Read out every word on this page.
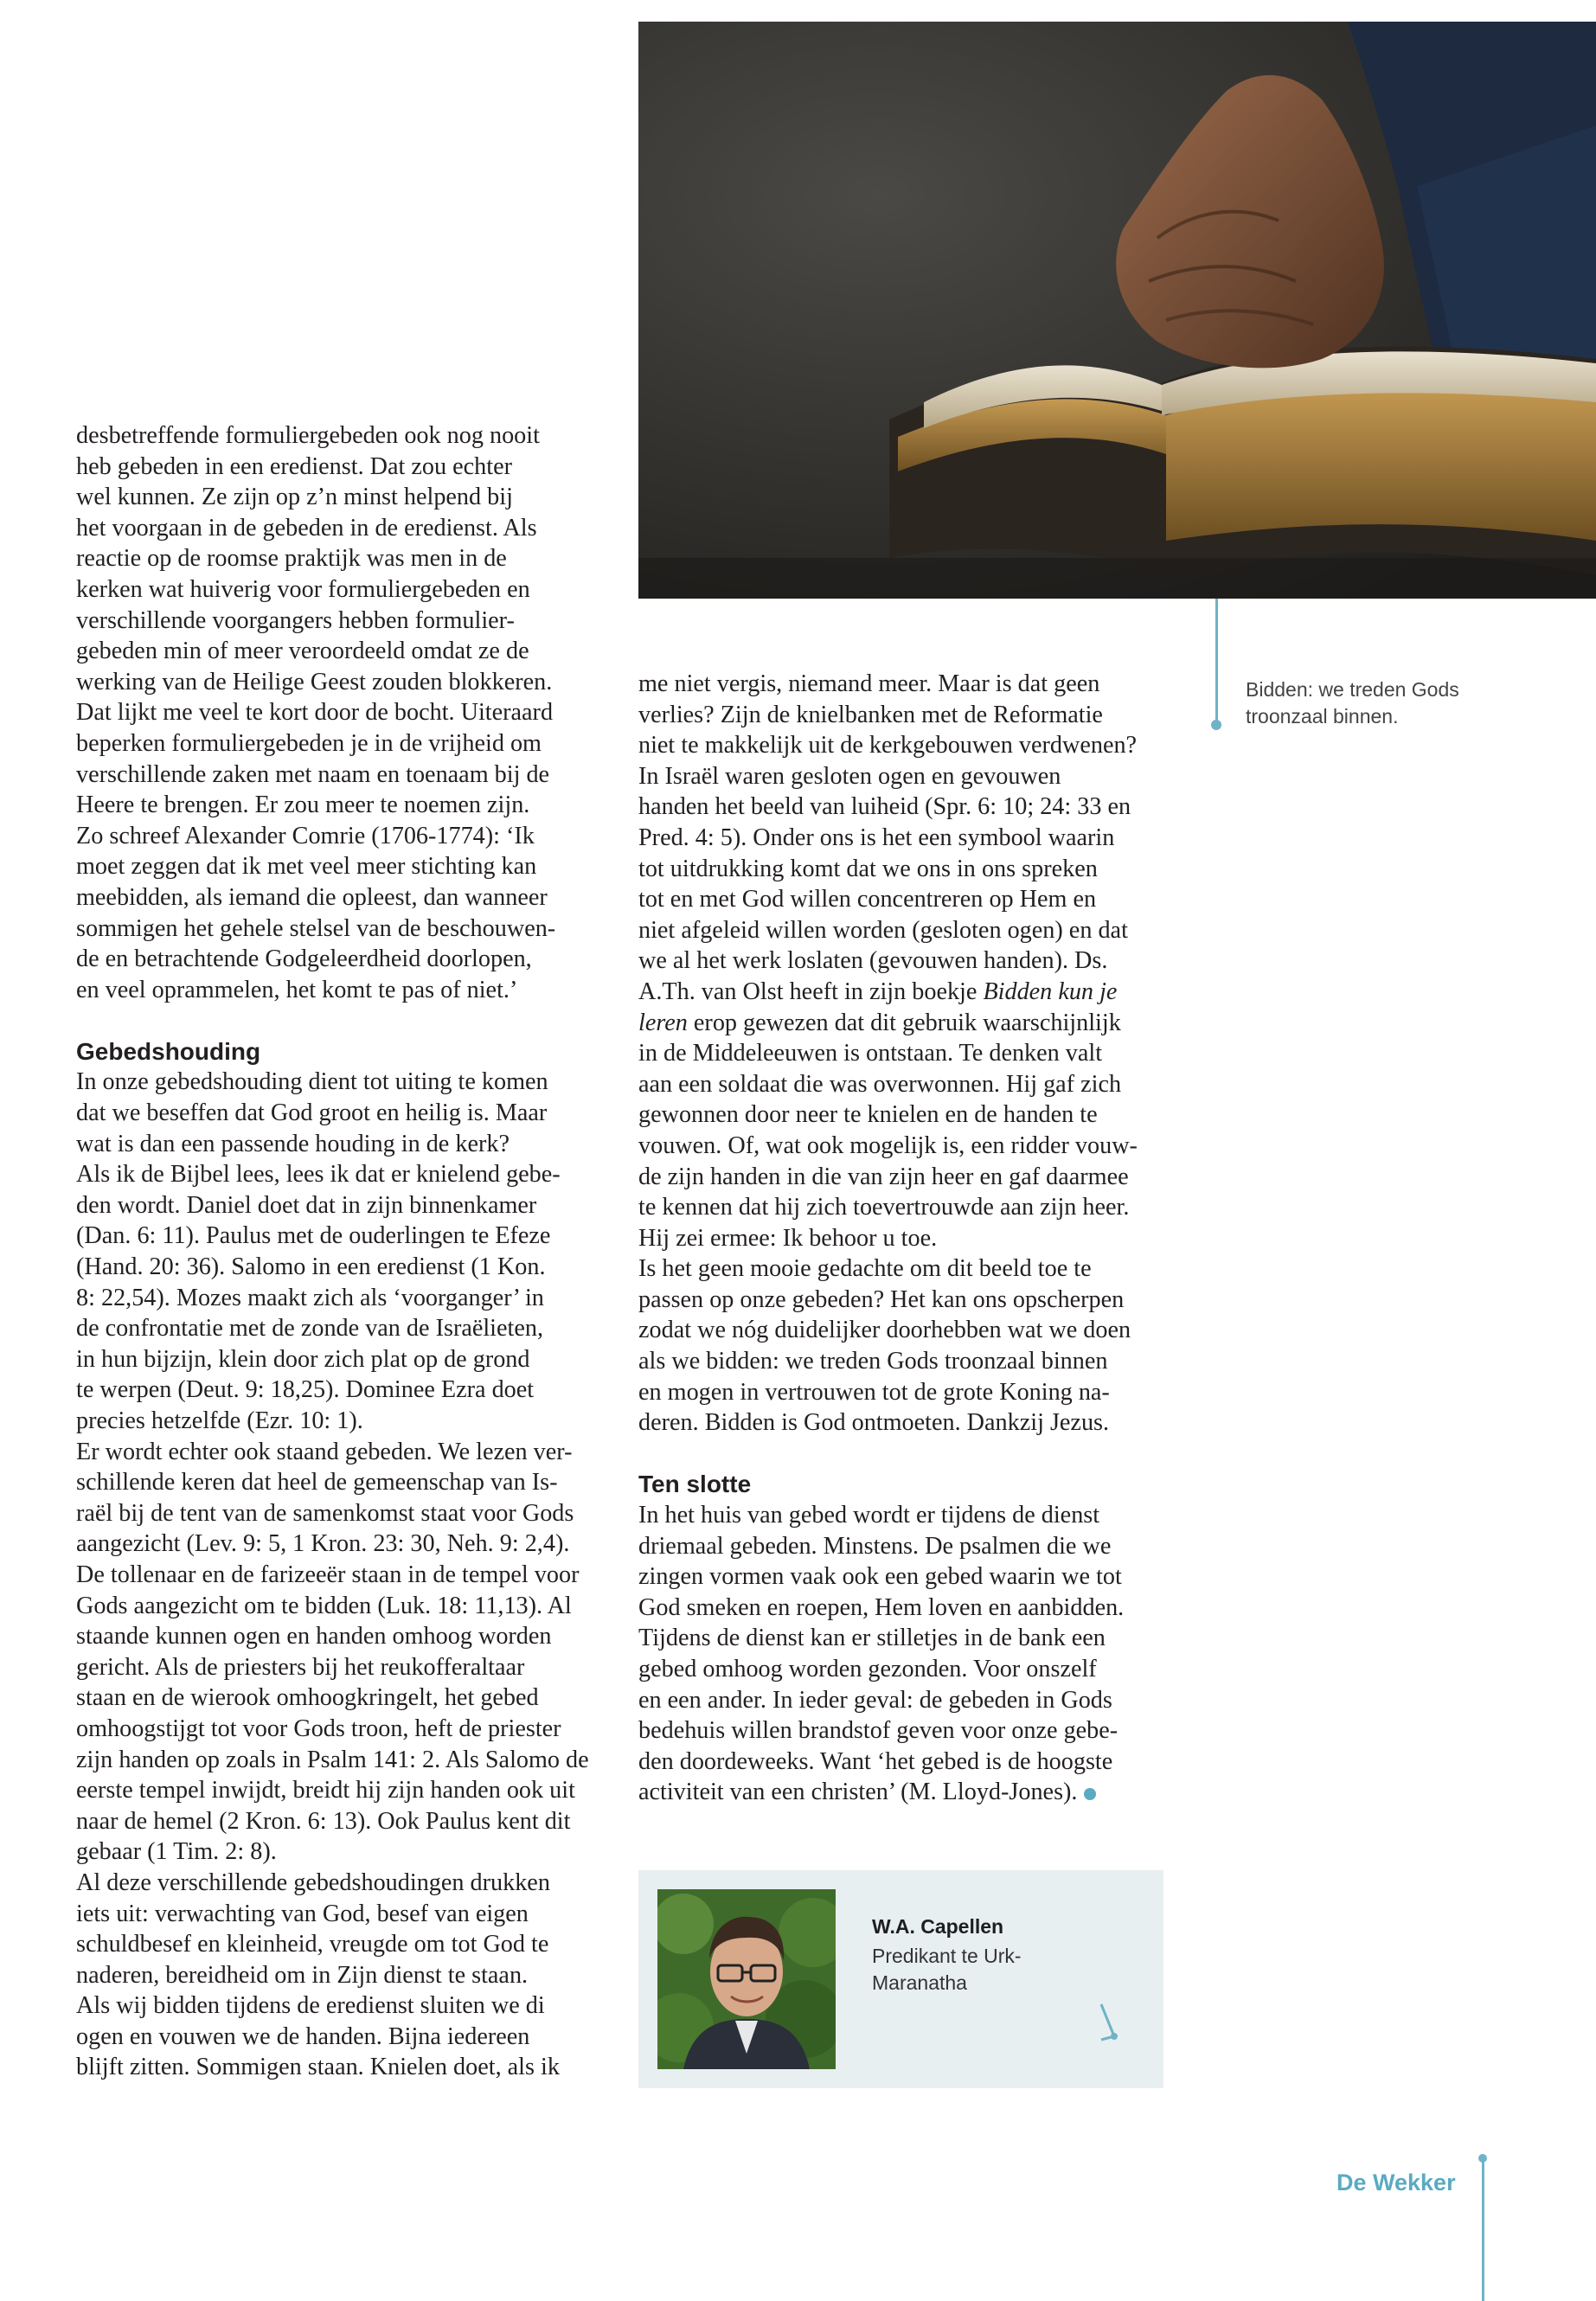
Bidden: we treden Gods

troonzaal binnen.

desbetreffende formuliergebeden ook nog nooit

heb gebeden in een eredienst. Dat zou echter

wel kunnen. Ze zijn op z’n minst helpend bij

het voorgaan in de gebeden in de eredienst. Als

reactie op de roomse praktijk was men in de

kerken wat huiverig voor formuliergebeden en

verschillende voorgangers hebben formulier-

gebeden min of meer veroordeeld omdat ze de

werking van de Heilige Geest zouden blokkeren.

Dat lijkt me veel te kort door de bocht. Uiteraard

beperken formuliergebeden je in de vrijheid om

verschillende zaken met naam en toenaam bij de

Heere te brengen. Er zou meer te noemen zijn.

Zo schreef Alexander Comrie (1706-1774): ‘Ik

moet zeggen dat ik met veel meer stichting kan

meebidden, als iemand die opleest, dan wanneer

sommigen het gehele stelsel van de beschouwen-

de en betrachtende Godgeleerdheid doorlopen,

en veel oprammelen, het komt te pas of niet.’

Gebedshouding

In onze gebedshouding dient tot uiting te komen

dat we beseffen dat God groot en heilig is. Maar

wat is dan een passende houding in de kerk?

Als ik de Bijbel lees, lees ik dat er knielend gebe-

den wordt. Daniel doet dat in zijn binnenkamer

(Dan. 6: 11). Paulus met de ouderlingen te Efeze

(Hand. 20: 36). Salomo in een eredienst (1 Kon.

8: 22,54). Mozes maakt zich als ‘voorganger’ in

de confrontatie met de zonde van de Israëlieten,

in hun bijzijn, klein door zich plat op de grond

te werpen (Deut. 9: 18,25). Dominee Ezra doet

precies hetzelfde (Ezr. 10: 1).

Er wordt echter ook staand gebeden. We lezen ver-

schillende keren dat heel de gemeenschap van Is-

raël bij de tent van de samenkomst staat voor Gods

aangezicht (Lev. 9: 5, 1 Kron. 23: 30, Neh. 9: 2,4).

De tollenaar en de farizeeër staan in de tempel voor

Gods aangezicht om te bidden (Luk. 18: 11,13). Al

staande kunnen ogen en handen omhoog worden

gericht. Als de priesters bij het reukofferaltaar

staan en de wierook omhoogkringelt, het gebed

omhoogstijgt tot voor Gods troon, heft de priester

zijn handen op zoals in Psalm 141: 2. Als Salomo de

eerste tempel inwijdt, breidt hij zijn handen ook uit

naar de hemel (2 Kron. 6: 13). Ook Paulus kent dit

gebaar (1 Tim. 2: 8).

Al deze verschillende gebedshoudingen drukken

iets uit: verwachting van God, besef van eigen

schuldbesef en kleinheid, vreugde om tot God te

naderen, bereidheid om in Zijn dienst te staan.

Als wij bidden tijdens de eredienst sluiten we di

ogen en vouwen we de handen. Bijna iedereen

blijft zitten. Sommigen staan. Knielen doet, als ik

me niet vergis, niemand meer. Maar is dat geen

verlies? Zijn de knielbanken met de Reformatie

niet te makkelijk uit de kerkgebouwen verdwenen?

In Israël waren gesloten ogen en gevouwen

handen het beeld van luiheid (Spr. 6: 10; 24: 33 en

Pred. 4: 5). Onder ons is het een symbool waarin

tot uitdrukking komt dat we ons in ons spreken

tot en met God willen concentreren op Hem en

niet afgeleid willen worden (gesloten ogen) en dat

we al het werk loslaten (gevouwen handen). Ds.

A.Th. van Olst heeft in zijn boekje Bidden kun je

leren erop gewezen dat dit gebruik waarschijnlijk

in de Middeleeuwen is ontstaan. Te denken valt

aan een soldaat die was overwonnen. Hij gaf zich

gewonnen door neer te knielen en de handen te

vouwen. Of, wat ook mogelijk is, een ridder vouw-

de zijn handen in die van zijn heer en gaf daarmee

te kennen dat hij zich toevertrouwde aan zijn heer.

Hij zei ermee: Ik behoor u toe.

Is het geen mooie gedachte om dit beeld toe te

passen op onze gebeden? Het kan ons opscherpen

zodat we nóg duidelijker doorhebben wat we doen

als we bidden: we treden Gods troonzaal binnen

en mogen in vertrouwen tot de grote Koning na-

deren. Bidden is God ontmoeten. Dankzij Jezus.

Ten slotte

In het huis van gebed wordt er tijdens de dienst

driemaal gebeden. Minstens. De psalmen die we

zingen vormen vaak ook een gebed waarin we tot

God smeken en roepen, Hem loven en aanbidden.

Tijdens de dienst kan er stilletjes in de bank een

gebed omhoog worden gezonden. Voor onszelf

en een ander. In ieder geval: de gebeden in Gods

bedehuis willen brandstof geven voor onze gebe-

den doordeweeks. Want ‘het gebed is de hoogste

activiteit van een christen’ (M. Lloyd-Jones).

W.A. Capellen

Predikant te Urk-

Maranatha

De Wekker
